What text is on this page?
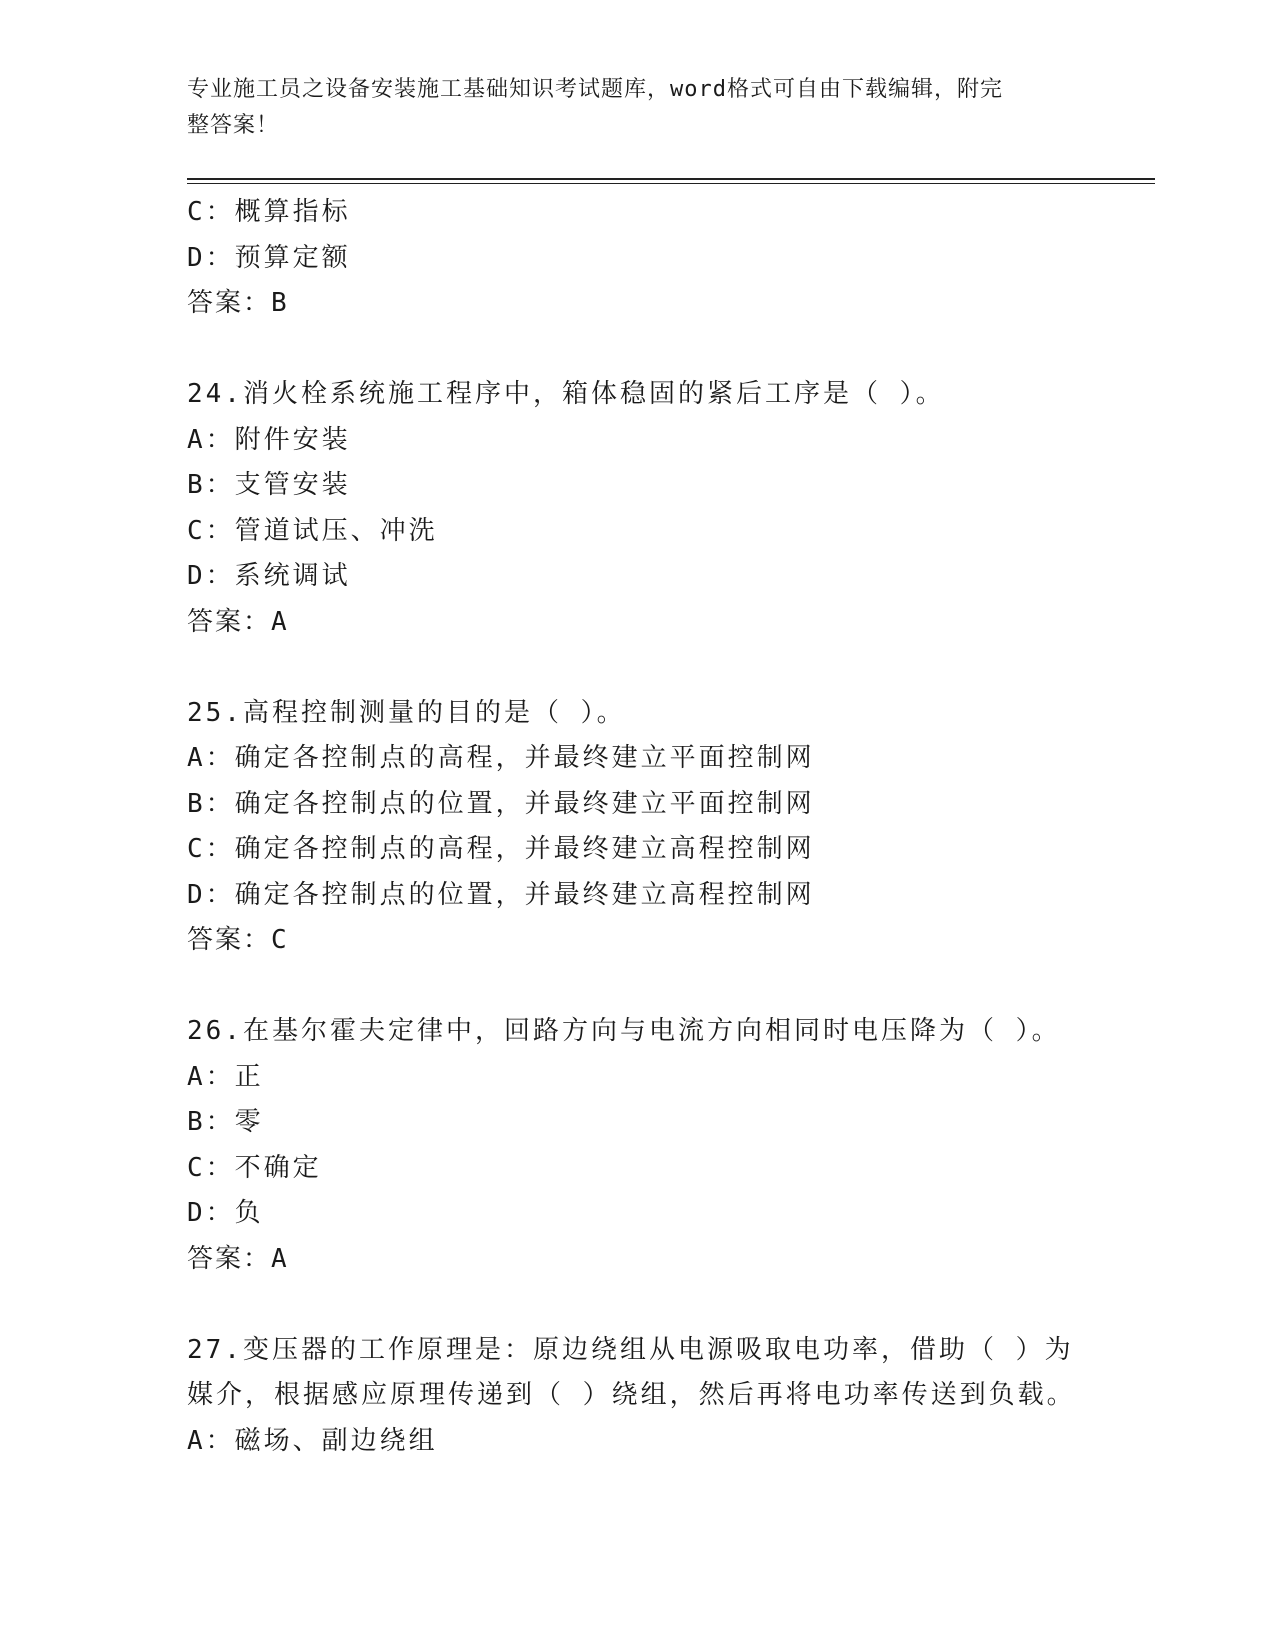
专业施工员之设备安装施工基础知识考试题库，word格式可自由下载编辑，附完
整答案！
C：概算指标
D：预算定额
答案：B
24.消火栓系统施工程序中，箱体稳固的紧后工序是（ ）。
A：附件安装
B：支管安装
C：管道试压、冲洗
D：系统调试
答案：A
25.高程控制测量的目的是（ ）。
A：确定各控制点的高程，并最终建立平面控制网
B：确定各控制点的位置，并最终建立平面控制网
C：确定各控制点的高程，并最终建立高程控制网
D：确定各控制点的位置，并最终建立高程控制网
答案：C
26.在基尔霍夫定律中，回路方向与电流方向相同时电压降为（ ）。
A：正
B：零
C：不确定
D：负
答案：A
27.变压器的工作原理是：原边绕组从电源吸取电功率，借助（ ）为
媒介，根据感应原理传递到（ ）绕组，然后再将电功率传送到负载。
A：磁场、副边绕组
